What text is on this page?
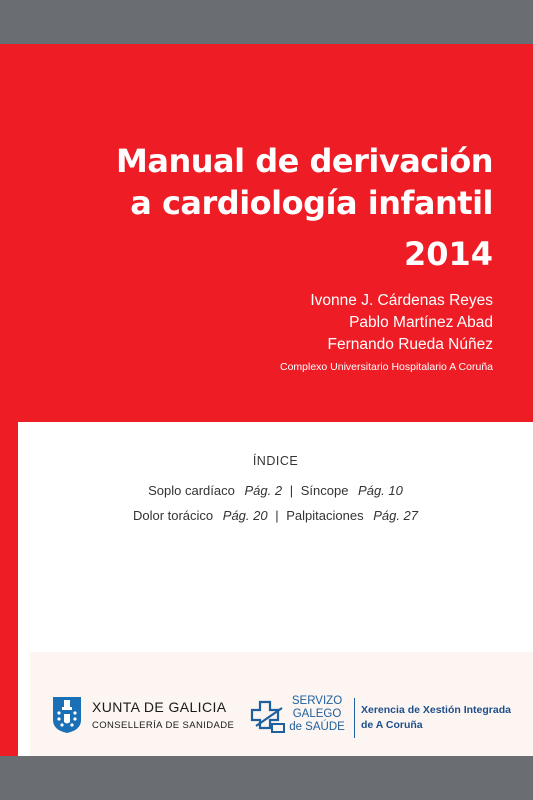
Manual de derivación
a cardiología infantil
2014
Ivonne J. Cárdenas Reyes
Pablo Martínez Abad
Fernando Rueda Núñez
Complexo Universitario Hospitalario A Coruña
ÍNDICE
Soplo cardíaco Pág. 2 | Síncope Pág. 10
Dolor torácico Pág. 20 | Palpitaciones Pág. 27
XUNTA DE GALICIA
CONSELLERÍA DE SANIDADE
SERVIZO
GALEGO
de SAÚDE
Xerencia de Xestión Integrada
de A Coruña
